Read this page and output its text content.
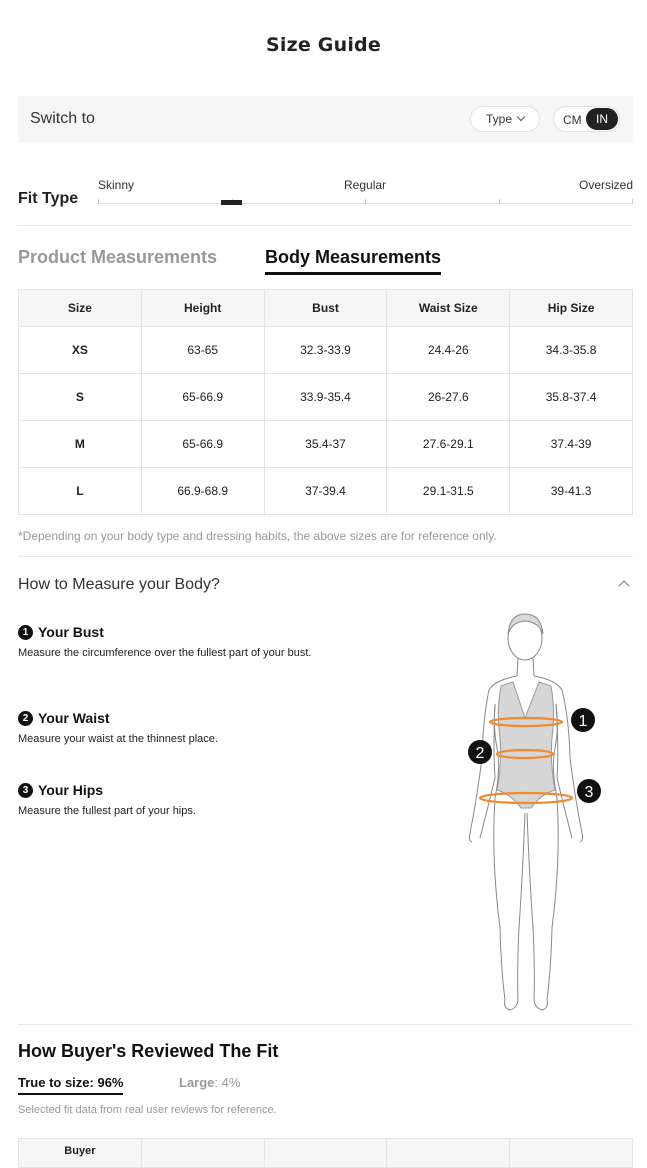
Size Guide
Switch to	Type	CM	IN
Fit Type
Skinny	Regular	Oversized
Product Measurements	Body Measurements
Size	Height	Bust	Waist Size	Hip Size
XS	63-65	32.3-33.9	24.4-26	34.3-35.8
S	65-66.9	33.9-35.4	26-27.6	35.8-37.4
M	65-66.9	35.4-37	27.6-29.1	37.4-39
L	66.9-68.9	37-39.4	29.1-31.5	39-41.3
*Depending on your body type and dressing habits, the above sizes are for reference only.
How to Measure your Body?
1 Your Bust
Measure the circumference over the fullest part of your bust.
2 Your Waist
Measure your waist at the thinnest place.
3 Your Hips
Measure the fullest part of your hips.
1
2
3
How Buyer's Reviewed The Fit
True to size: 96%	Large: 4%
Selected fit data from real user reviews for reference.
Buyer
